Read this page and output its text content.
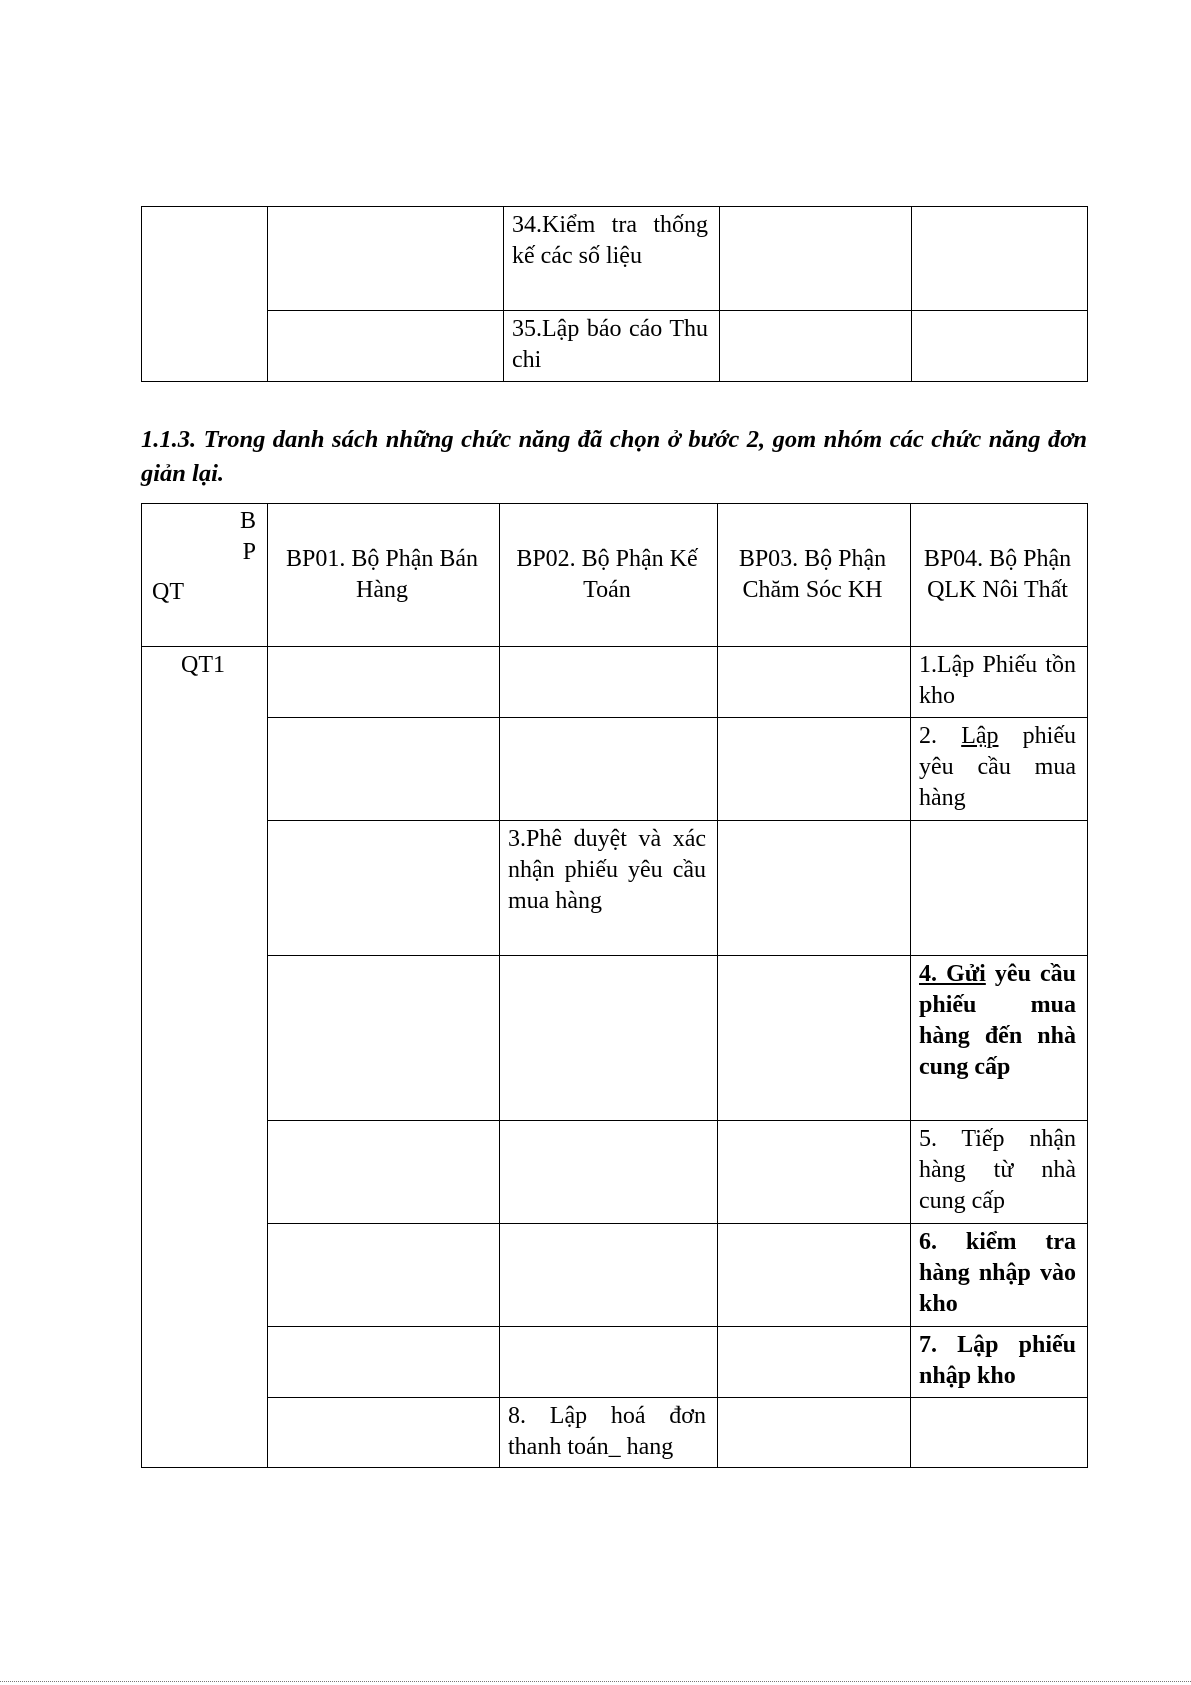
		34.Kiểm tra thống kế các số liệu		
		35.Lập báo cáo Thu chi		
1.1.3. Trong danh sách những chức năng đã chọn ở bước 2, gom nhóm các chức năng đơn giản lại.
B
P
QT	BP01. Bộ Phận Bán Hàng	BP02. Bộ Phận Kế Toán	BP03. Bộ Phận Chăm Sóc KH	BP04. Bộ Phận QLK Nôi Thất
QT1				1.Lập Phiếu tồn kho
				2. Lập phiếu yêu cầu mua hàng
		3.Phê duyệt và xác nhận phiếu yêu cầu mua hàng		
				4. Gửi yêu cầu phiếu mua hàng đến nhà cung cấp
				5. Tiếp nhận hàng từ nhà cung cấp
				6. kiểm tra hàng nhập vào kho
				7. Lập phiếu nhập kho

		8. Lập hoá đơn thanh toán_ hang		
